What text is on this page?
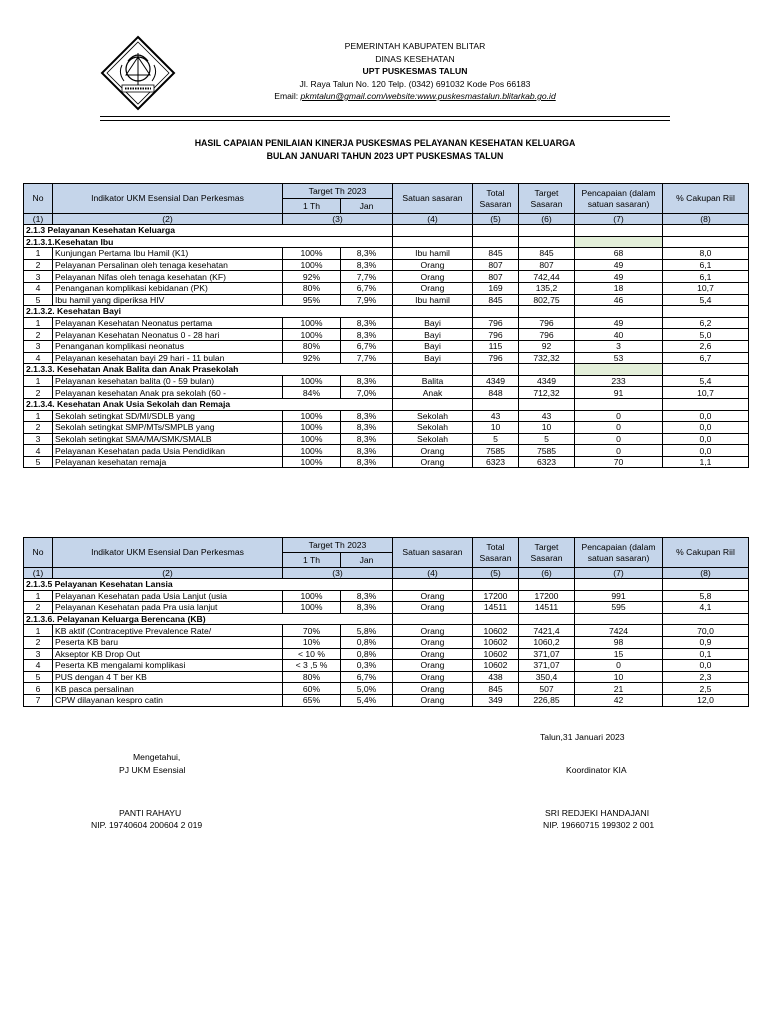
PEMERINTAH KABUPATEN BLITAR
DINAS KESEHATAN
UPT PUSKESMAS TALUN
Jl. Raya Talun No. 120 Telp. (0342) 691032 Kode Pos 66183
Email: pkmtalun@gmail.com/website:www.puskesmastalun.blitarkab.go.id
HASIL CAPAIAN PENILAIAN KINERJA PUSKESMAS PELAYANAN KESEHATAN KELUARGA
BULAN JANUARI TAHUN 2023 UPT PUSKESMAS TALUN
No	Indikator UKM Esensial Dan Perkesmas	Target Th 2023		Satuan sasaran	Total Sasaran	Target Sasaran	Pencapaian (dalam satuan sasaran)	% Cakupan Riil
		1 Th	Jan					
(1)	(2)	(3)		(4)	(5)	(6)	(7)	(8)
2.1.3 Pelayanan Kesehatan Keluarga								
2.1.3.1.Kesehatan Ibu								
1	Kunjungan Pertama Ibu Hamil (K1)	100%	8,3%	Ibu hamil	845	845	68	8,0
2	Pelayanan Persalinan oleh tenaga kesehatan	100%	8,3%	Orang	807	807	49	6,1
3	Pelayanan Nifas oleh tenaga kesehatan (KF)	92%	7,7%	Orang	807	742,44	49	6,1
4	Penanganan komplikasi kebidanan (PK)	80%	6,7%	Orang	169	135,2	18	10,7
5	Ibu hamil yang diperiksa HIV	95%	7,9%	Ibu hamil	845	802,75	46	5,4
2.1.3.2. Kesehatan Bayi								
1	Pelayanan Kesehatan Neonatus pertama	100%	8,3%	Bayi	796	796	49	6,2
2	Pelayanan Kesehatan Neonatus 0 - 28 hari	100%	8,3%	Bayi	796	796	40	5,0
3	Penanganan komplikasi neonatus	80%	6,7%	Bayi	115	92	3	2,6
4	Pelayanan kesehatan bayi 29 hari - 11 bulan	92%	7,7%	Bayi	796	732,32	53	6,7
2.1.3.3. Kesehatan Anak Balita dan Anak Prasekolah								
1	Pelayanan kesehatan balita (0 - 59 bulan)	100%	8,3%	Balita	4349	4349	233	5,4
2	Pelayanan kesehatan Anak pra sekolah (60 -	84%	7,0%	Anak	848	712,32	91	10,7
2.1.3.4. Kesehatan Anak Usia Sekolah dan Remaja								
1	Sekolah setingkat SD/MI/SDLB yang	100%	8,3%	Sekolah	43	43	0	0,0
2	Sekolah setingkat SMP/MTs/SMPLB yang	100%	8,3%	Sekolah	10	10	0	0,0
3	Sekolah setingkat SMA/MA/SMK/SMALB	100%	8,3%	Sekolah	5	5	0	0,0
4	Pelayanan Kesehatan pada Usia Pendidikan	100%	8,3%	Orang	7585	7585	0	0,0
5	Pelayanan kesehatan remaja	100%	8,3%	Orang	6323	6323	70	1,1
No	Indikator UKM Esensial Dan Perkesmas	Target Th 2023		Satuan sasaran	Total Sasaran	Target Sasaran	Pencapaian (dalam satuan sasaran)	% Cakupan Riil
		1 Th	Jan					
(1)	(2)	(3)		(4)	(5)	(6)	(7)	(8)
2.1.3.5 Pelayanan Kesehatan Lansia								
1	Pelayanan Kesehatan pada Usia Lanjut (usia	100%	8,3%	Orang	17200	17200	991	5,8
2	Pelayanan Kesehatan pada Pra usia lanjut	100%	8,3%	Orang	14511	14511	595	4,1
2.1.3.6. Pelayanan Keluarga Berencana (KB)								
1	KB aktif (Contraceptive Prevalence Rate/	70%	5,8%	Orang	10602	7421,4	7424	70,0
2	Peserta KB baru	10%	0,8%	Orang	10602	1060,2	98	0,9
3	Akseptor KB Drop Out	< 10 %	0,8%	Orang	10602	371,07	15	0,1
4	Peserta KB mengalami komplikasi	< 3 ,5 %	0,3%	Orang	10602	371,07	0	0,0
5	PUS dengan 4 T ber KB	80%	6,7%	Orang	438	350,4	10	2,3
6	KB pasca persalinan	60%	5,0%	Orang	845	507	21	2,5
7	CPW dilayanan kespro catin	65%	5,4%	Orang	349	226,85	42	12,0
Talun,31 Januari 2023
Mengetahui,
PJ UKM Esensial	Koordinator KIA
PANTI RAHAYU
NIP. 19740604 200604 2 019
SRI REDJEKI HANDAJANI
NIP. 19660715 199302 2 001
